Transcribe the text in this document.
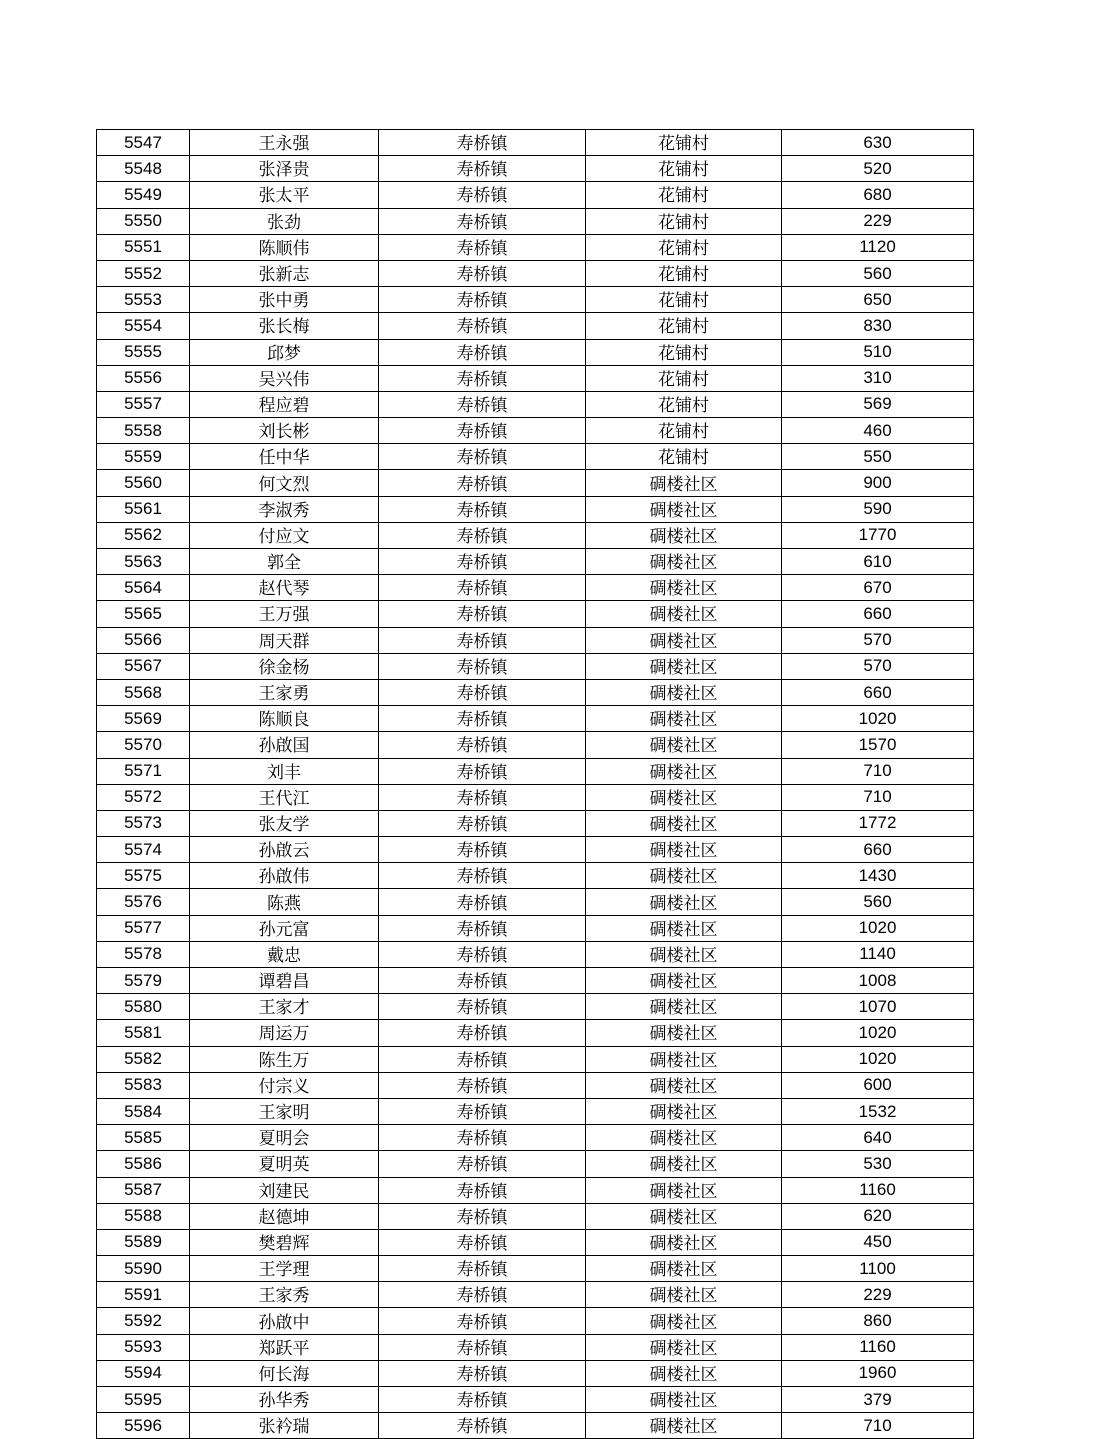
5547	王永强	寿桥镇	花铺村	630
5548	张泽贵	寿桥镇	花铺村	520
5549	张太平	寿桥镇	花铺村	680
5550	张劲	寿桥镇	花铺村	229
5551	陈顺伟	寿桥镇	花铺村	1120
5552	张新志	寿桥镇	花铺村	560
5553	张中勇	寿桥镇	花铺村	650
5554	张长梅	寿桥镇	花铺村	830
5555	邱梦	寿桥镇	花铺村	510
5556	吴兴伟	寿桥镇	花铺村	310
5557	程应碧	寿桥镇	花铺村	569
5558	刘长彬	寿桥镇	花铺村	460
5559	任中华	寿桥镇	花铺村	550
5560	何文烈	寿桥镇	碉楼社区	900
5561	李淑秀	寿桥镇	碉楼社区	590
5562	付应文	寿桥镇	碉楼社区	1770
5563	郭全	寿桥镇	碉楼社区	610
5564	赵代琴	寿桥镇	碉楼社区	670
5565	王万强	寿桥镇	碉楼社区	660
5566	周天群	寿桥镇	碉楼社区	570
5567	徐金杨	寿桥镇	碉楼社区	570
5568	王家勇	寿桥镇	碉楼社区	660
5569	陈顺良	寿桥镇	碉楼社区	1020
5570	孙啟国	寿桥镇	碉楼社区	1570
5571	刘丰	寿桥镇	碉楼社区	710
5572	王代江	寿桥镇	碉楼社区	710
5573	张友学	寿桥镇	碉楼社区	1772
5574	孙啟云	寿桥镇	碉楼社区	660
5575	孙啟伟	寿桥镇	碉楼社区	1430
5576	陈燕	寿桥镇	碉楼社区	560
5577	孙元富	寿桥镇	碉楼社区	1020
5578	戴忠	寿桥镇	碉楼社区	1140
5579	谭碧昌	寿桥镇	碉楼社区	1008
5580	王家才	寿桥镇	碉楼社区	1070
5581	周运万	寿桥镇	碉楼社区	1020
5582	陈生万	寿桥镇	碉楼社区	1020
5583	付宗义	寿桥镇	碉楼社区	600
5584	王家明	寿桥镇	碉楼社区	1532
5585	夏明会	寿桥镇	碉楼社区	640
5586	夏明英	寿桥镇	碉楼社区	530
5587	刘建民	寿桥镇	碉楼社区	1160
5588	赵德坤	寿桥镇	碉楼社区	620
5589	樊碧辉	寿桥镇	碉楼社区	450
5590	王学理	寿桥镇	碉楼社区	1100
5591	王家秀	寿桥镇	碉楼社区	229
5592	孙啟中	寿桥镇	碉楼社区	860
5593	郑跃平	寿桥镇	碉楼社区	1160
5594	何长海	寿桥镇	碉楼社区	1960
5595	孙华秀	寿桥镇	碉楼社区	379
5596	张衿瑞	寿桥镇	碉楼社区	710
